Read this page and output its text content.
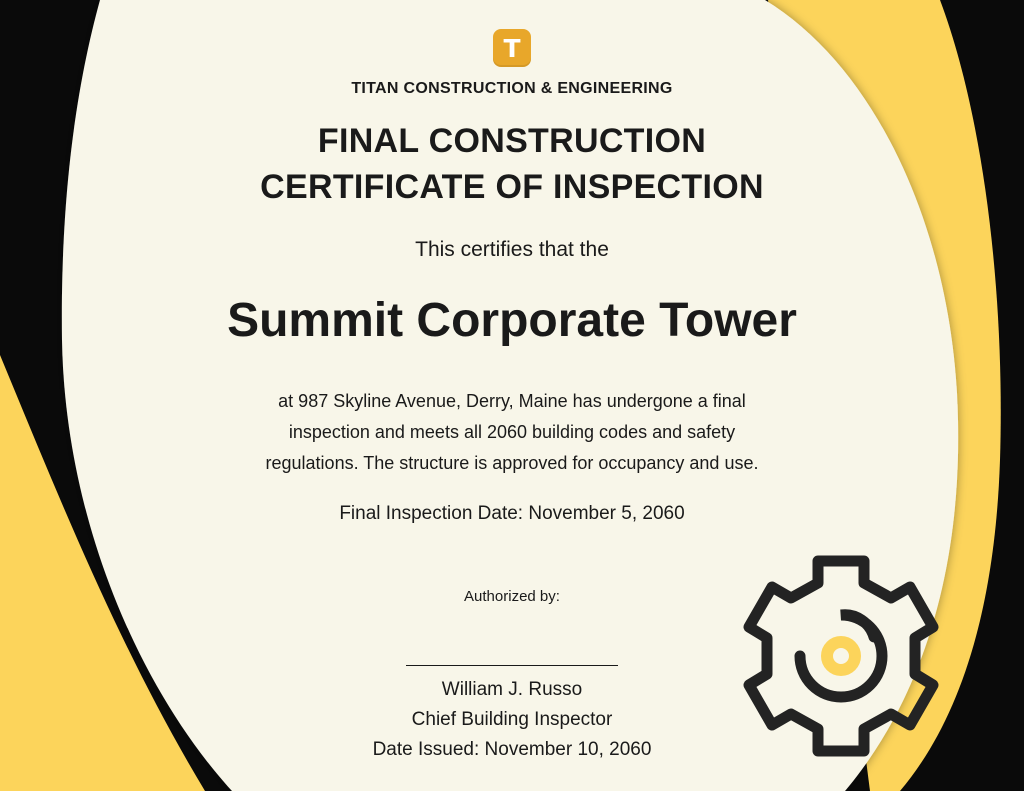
T
TITAN CONSTRUCTION & ENGINEERING
FINAL CONSTRUCTION
CERTIFICATE OF INSPECTION
This certifies that the
Summit Corporate Tower
at 987 Skyline Avenue, Derry, Maine has undergone a final
inspection and meets all 2060 building codes and safety
regulations. The structure is approved for occupancy and use.
Final Inspection Date: November 5, 2060
Authorized by:
William J. Russo
Chief Building Inspector
Date Issued: November 10, 2060
